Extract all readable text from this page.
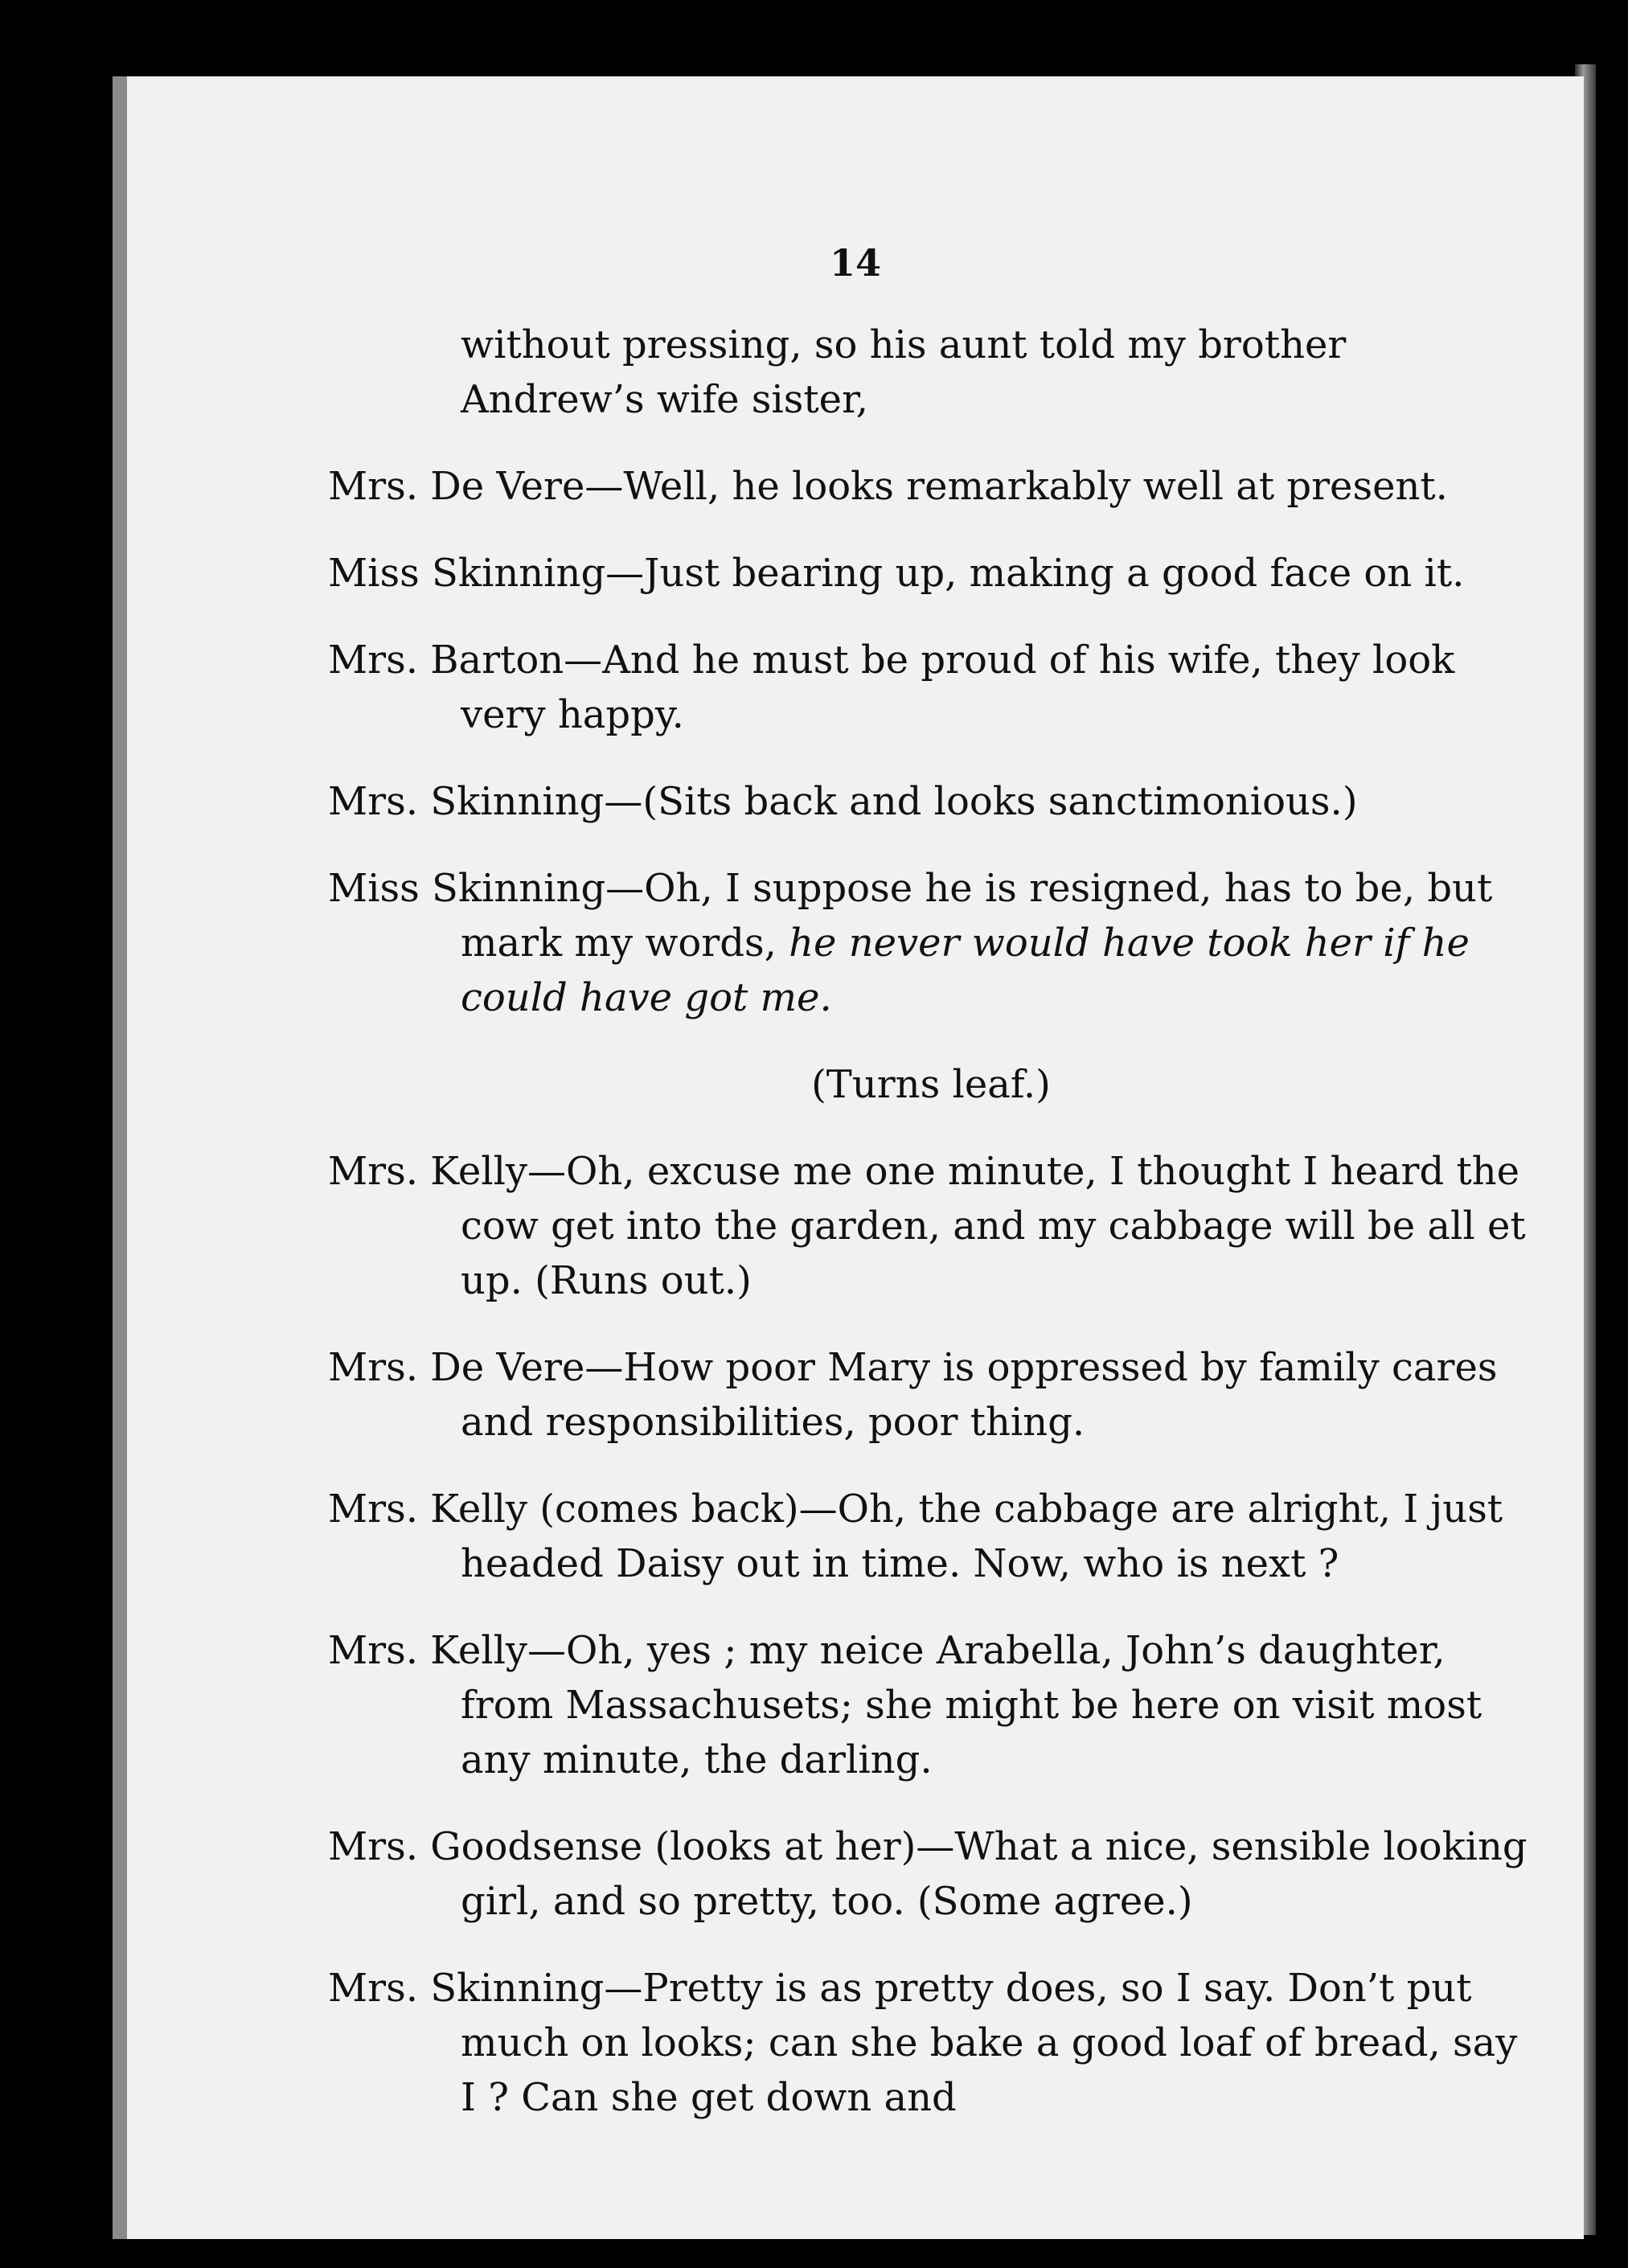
14

without pressing, so his aunt told my brother Andrew’s wife sister,

Mrs. De Vere—Well, he looks remarkably well at present.

Miss Skinning—Just bearing up, making a good face on it.

Mrs. Barton—And he must be proud of his wife, they look very happy.

Mrs. Skinning—(Sits back and looks sanctimonious.)

Miss Skinning—Oh, I suppose he is resigned, has to be, but mark my words, he never would have took her if he could have got me.

(Turns leaf.)

Mrs. Kelly—Oh, excuse me one minute, I thought I heard the cow get into the garden, and my cabbage will be all et up. (Runs out.)

Mrs. De Vere—How poor Mary is oppressed by family cares and responsibilities, poor thing.

Mrs. Kelly (comes back)—Oh, the cabbage are alright, I just headed Daisy out in time. Now, who is next ?

Mrs. Kelly—Oh, yes ; my neice Arabella, John’s daughter, from Massachusets; she might be here on visit most any minute, the darling.

Mrs. Goodsense (looks at her)—What a nice, sensible looking girl, and so pretty, too. (Some agree.)

Mrs. Skinning—Pretty is as pretty does, so I say. Don’t put much on looks; can she bake a good loaf of bread, say I ? Can she get down and
